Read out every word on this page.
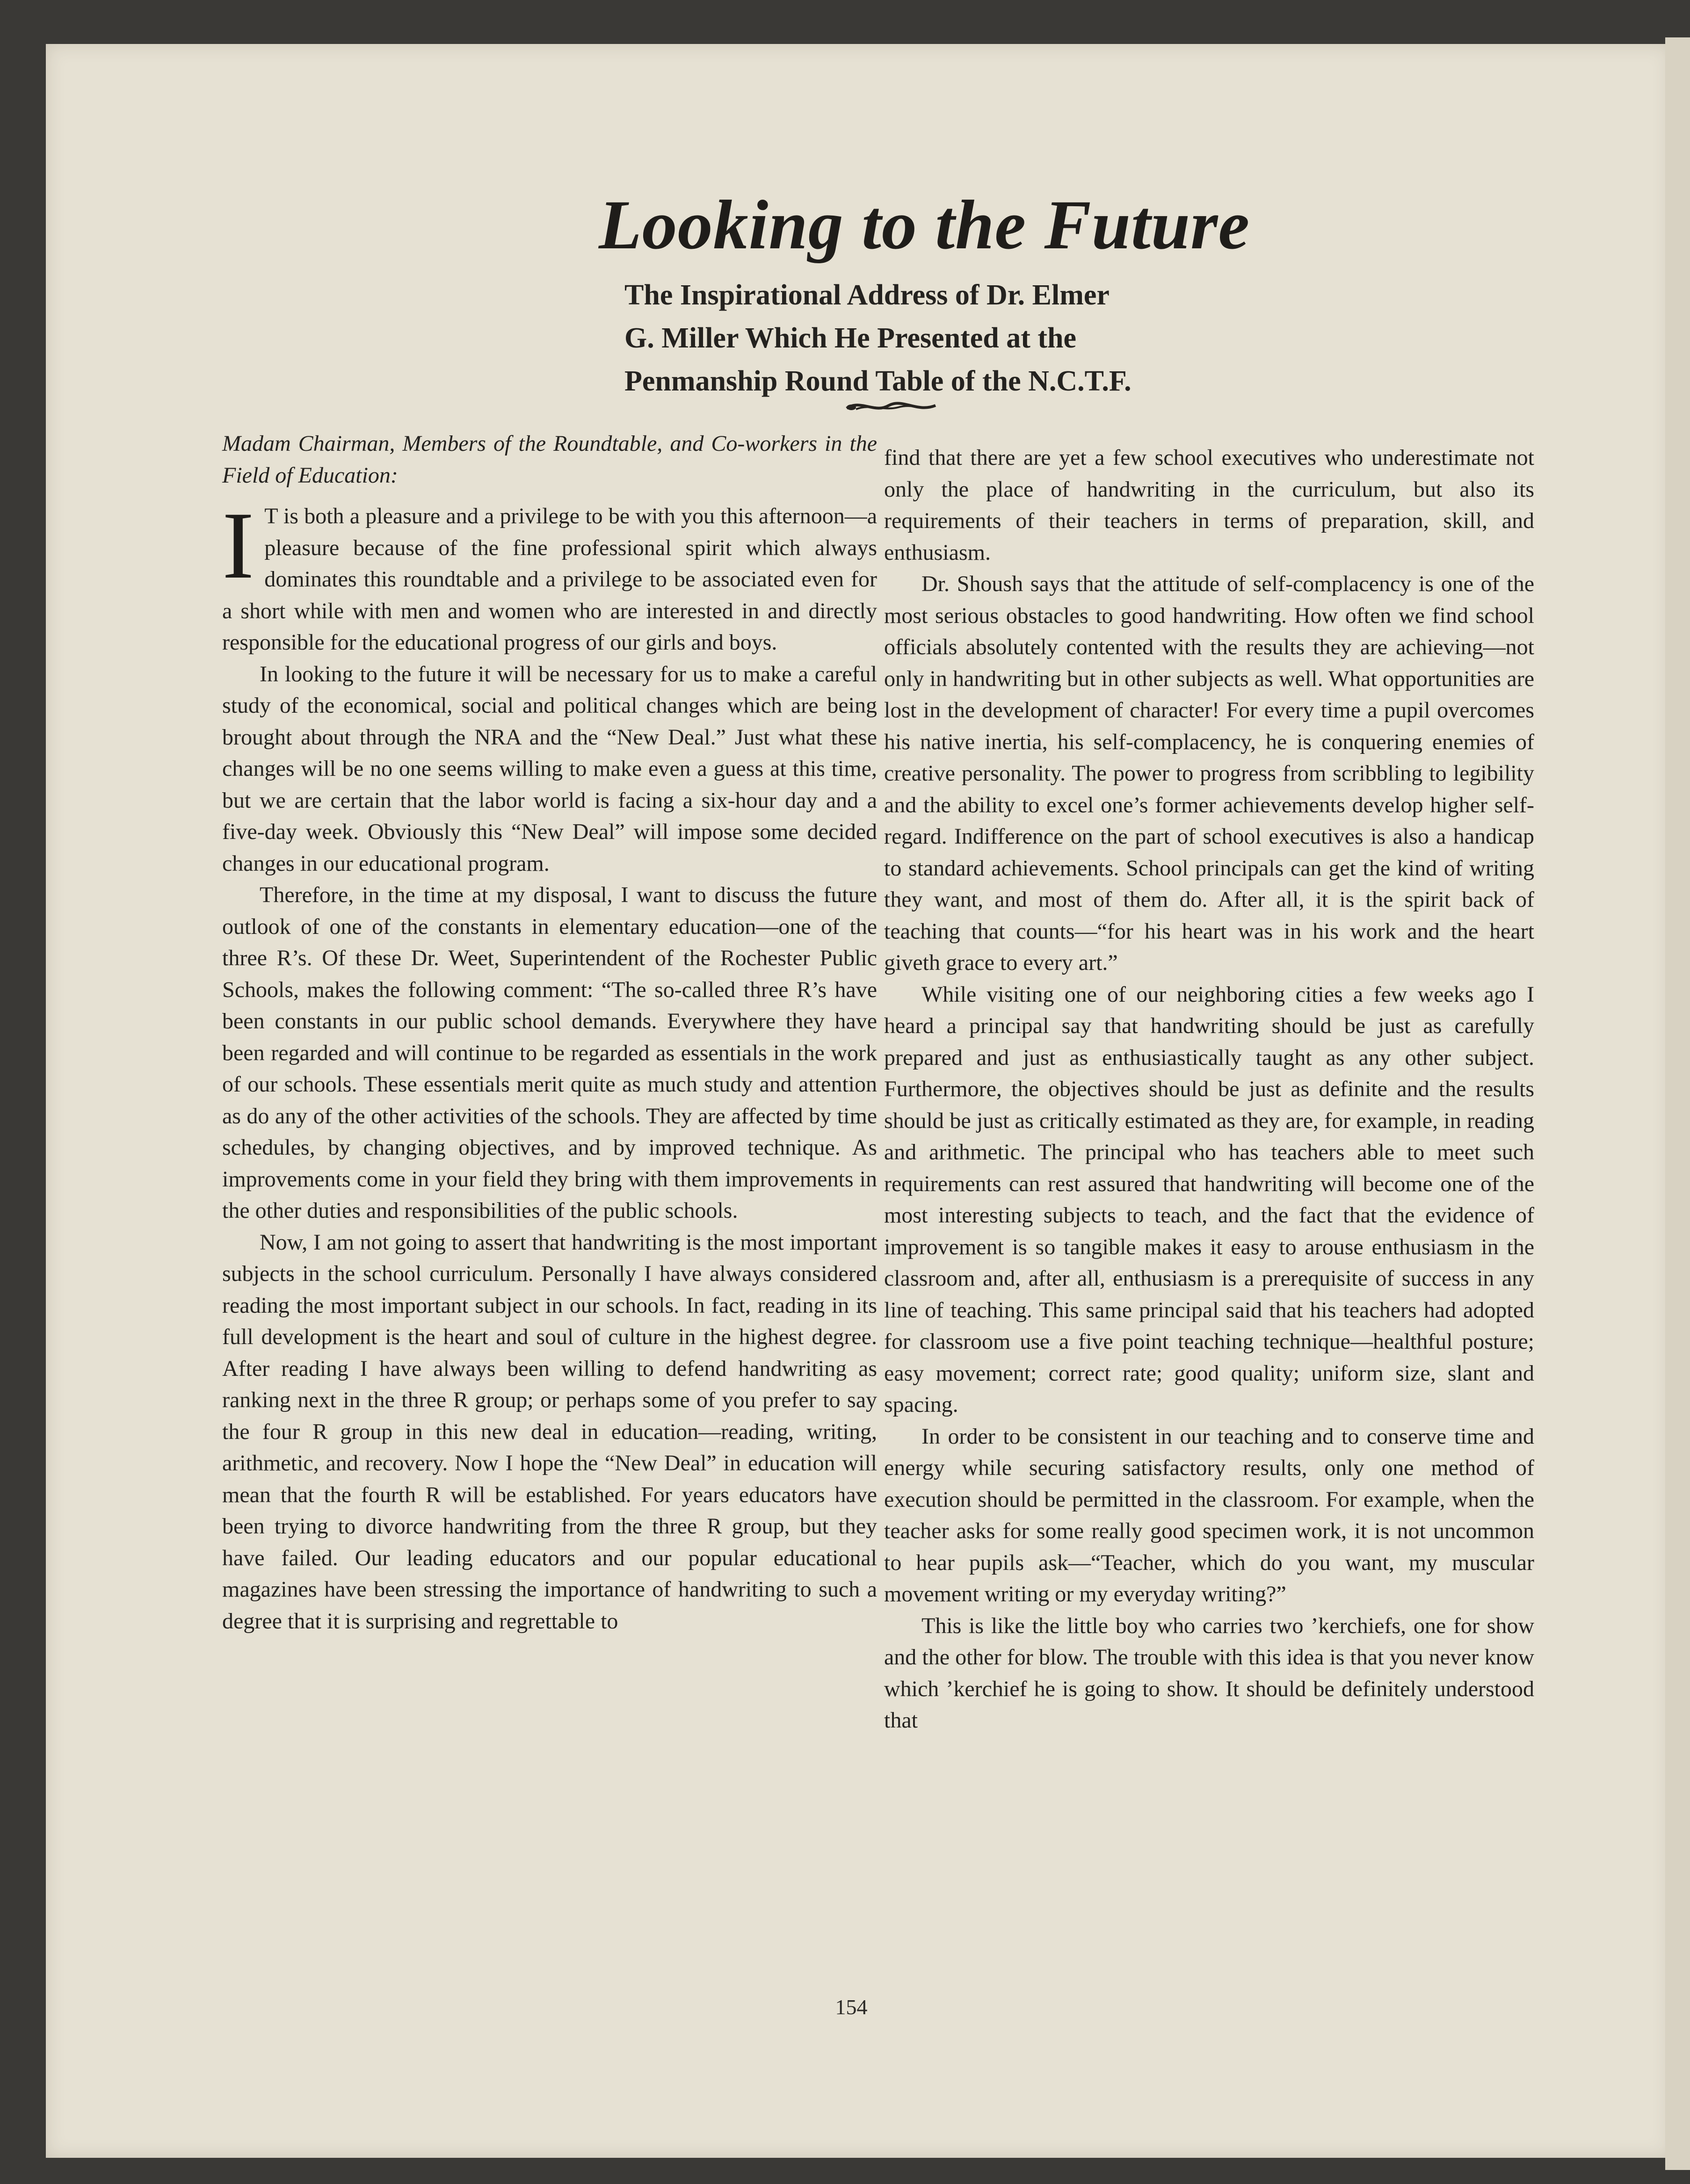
Looking to the Future
The Inspirational Address of Dr. Elmer
G. Miller Which He Presented at the
Penmanship Round Table of the N.C.T.F.

Madam Chairman, Members of the Roundtable, and Co-workers in the Field of Education:

I T is both a pleasure and a privilege to be with you this afternoon—a pleasure because of the fine professional spirit which always dominates this roundtable and a privilege to be associated even for a short while with men and women who are interested in and directly responsible for the educational progress of our girls and boys.

In looking to the future it will be necessary for us to make a careful study of the economical, social and political changes which are being brought about through the NRA and the “New Deal.” Just what these changes will be no one seems willing to make even a guess at this time, but we are certain that the labor world is facing a six-hour day and a five-day week. Obviously this “New Deal” will impose some decided changes in our educational program.

Therefore, in the time at my disposal, I want to discuss the future outlook of one of the constants in elementary education—one of the three R’s. Of these Dr. Weet, Superintendent of the Rochester Public Schools, makes the following comment: “The so-called three R’s have been constants in our public school demands. Everywhere they have been regarded and will continue to be regarded as essentials in the work of our schools. These essentials merit quite as much study and attention as do any of the other activities of the schools. They are affected by time schedules, by changing objectives, and by improved technique. As improvements come in your field they bring with them improvements in the other duties and responsibilities of the public schools.

Now, I am not going to assert that handwriting is the most important subjects in the school curriculum. Personally I have always considered reading the most important subject in our schools. In fact, reading in its full development is the heart and soul of culture in the highest degree. After reading I have always been willing to defend handwriting as ranking next in the three R group; or perhaps some of you prefer to say the four R group in this new deal in education—reading, writing, arithmetic, and recovery. Now I hope the “New Deal” in education will mean that the fourth R will be established. For years educators have been trying to divorce handwriting from the three R group, but they have failed. Our leading educators and our popular educational magazines have been stressing the importance of handwriting to such a degree that it is surprising and regrettable to

find that there are yet a few school executives who underestimate not only the place of handwriting in the curriculum, but also its requirements of their teachers in terms of preparation, skill, and enthusiasm.

Dr. Shoush says that the attitude of self-complacency is one of the most serious obstacles to good handwriting. How often we find school officials absolutely contented with the results they are achieving—not only in handwriting but in other subjects as well. What opportunities are lost in the development of character! For every time a pupil overcomes his native inertia, his self-complacency, he is conquering enemies of creative personality. The power to progress from scribbling to legibility and the ability to excel one’s former achievements develop higher self-regard. Indifference on the part of school executives is also a handicap to standard achievements. School principals can get the kind of writing they want, and most of them do. After all, it is the spirit back of teaching that counts—“for his heart was in his work and the heart giveth grace to every art.”

While visiting one of our neighboring cities a few weeks ago I heard a principal say that handwriting should be just as carefully prepared and just as enthusiastically taught as any other subject. Furthermore, the objectives should be just as definite and the results should be just as critically estimated as they are, for example, in reading and arithmetic. The principal who has teachers able to meet such requirements can rest assured that handwriting will become one of the most interesting subjects to teach, and the fact that the evidence of improvement is so tangible makes it easy to arouse enthusiasm in the classroom and, after all, enthusiasm is a prerequisite of success in any line of teaching. This same principal said that his teachers had adopted for classroom use a five point teaching technique—healthful posture; easy movement; correct rate; good quality; uniform size, slant and spacing.

In order to be consistent in our teaching and to conserve time and energy while securing satisfactory results, only one method of execution should be permitted in the classroom. For example, when the teacher asks for some really good specimen work, it is not uncommon to hear pupils ask—“Teacher, which do you want, my muscular movement writing or my everyday writing?”

This is like the little boy who carries two ’kerchiefs, one for show and the other for blow. The trouble with this idea is that you never know which ’kerchief he is going to show. It should be definitely understood that

154
